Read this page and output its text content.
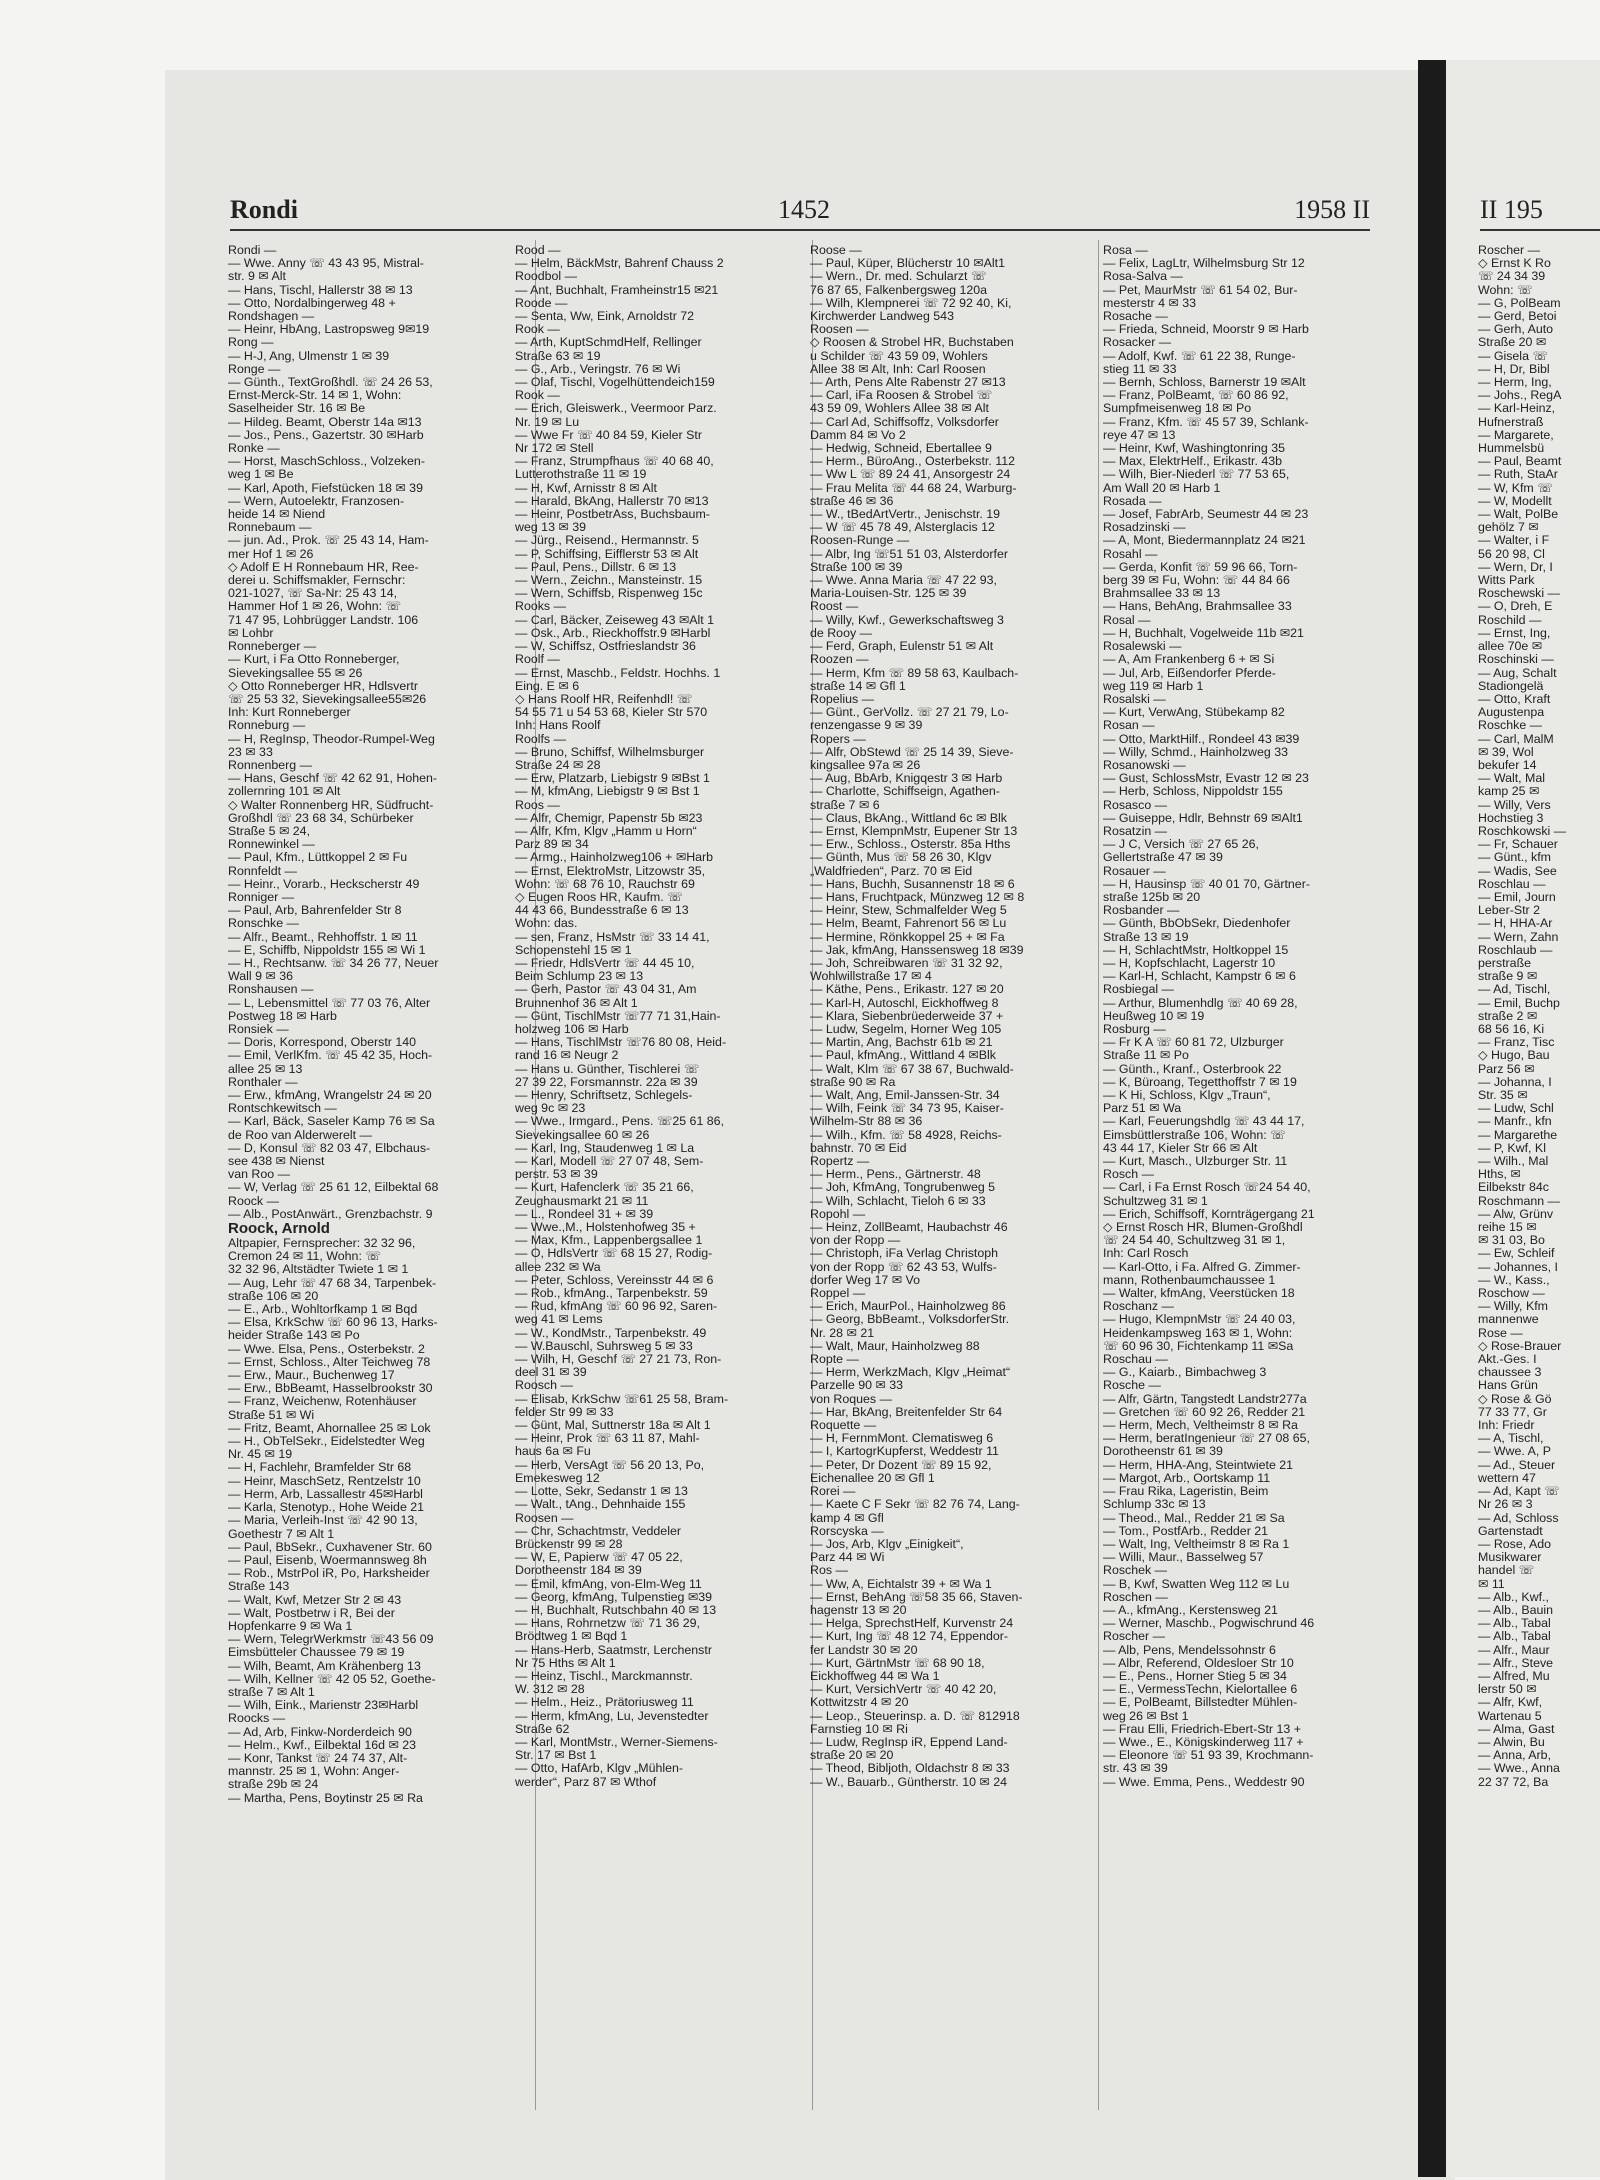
Rondi	1452	1958 II
Rondi —
— Wwe. Anny ☏ 43 43 95, Mistral-
str. 9 ✉ Alt
— Hans, Tischl, Hallerstr 38 ✉ 13
— Otto, Nordalbingerweg 48 +
Rondshagen —
— Heinr, HbAng, Lastropsweg 9✉19
Rong —
— H-J, Ang, Ulmenstr 1 ✉ 39
Ronge —
— Günth., TextGroßhdl. ☏ 24 26 53,
Ernst-Merck-Str. 14 ✉ 1, Wohn:
Saselheider Str. 16 ✉ Be
— Hildeg. Beamt, Oberstr 14a ✉13
— Jos., Pens., Gazertstr. 30 ✉Harb
Ronke —
— Horst, MaschSchloss., Volzeken-
weg 1 ✉ Be
— Karl, Apoth, Fiefstücken 18 ✉ 39
— Wern, Autoelektr, Franzosen-
heide 14 ✉ Niend
Ronnebaum —
— jun. Ad., Prok. ☏ 25 43 14, Ham-
mer Hof 1 ✉ 26
◇ Adolf E H Ronnebaum HR, Ree-
derei u. Schiffsmakler, Fernschr:
021-1027, ☏ Sa-Nr: 25 43 14,
Hammer Hof 1 ✉ 26, Wohn: ☏
71 47 95, Lohbrügger Landstr. 106
✉ Lohbr
Ronneberger —
— Kurt, i Fa Otto Ronneberger,
Sievekingsallee 55 ✉ 26
◇ Otto Ronneberger HR, Hdlsvertr
☏ 25 53 32, Sievekingsallee55✉26
Inh: Kurt Ronneberger
Ronneburg —
— H, RegInsp, Theodor-Rumpel-Weg
23 ✉ 33
Ronnenberg —
— Hans, Geschf ☏ 42 62 91, Hohen-
zollernring 101 ✉ Alt
◇ Walter Ronnenberg HR, Südfrucht-
Großhdl ☏ 23 68 34, Schürbeker
Straße 5 ✉ 24,
Ronnewinkel —
— Paul, Kfm., Lüttkoppel 2 ✉ Fu
Ronnfeldt —
— Heinr., Vorarb., Heckscherstr 49
Ronniger —
— Paul, Arb, Bahrenfelder Str 8
Ronschke —
— Alfr., Beamt., Rehhoffstr. 1 ✉ 11
— E, Schiffb, Nippoldstr 155 ✉ Wi 1
— H., Rechtsanw. ☏ 34 26 77, Neuer
Wall 9 ✉ 36
Ronshausen —
— L, Lebensmittel ☏ 77 03 76, Alter
Postweg 18 ✉ Harb
Ronsiek —
— Doris, Korrespond, Oberstr 140
— Emil, VerlKfm. ☏ 45 42 35, Hoch-
allee 25 ✉ 13
Ronthaler —
— Erw., kfmAng, Wrangelstr 24 ✉ 20
Rontschkewitsch —
— Karl, Bäck, Saseler Kamp 76 ✉ Sa
de Roo van Alderwerelt —
— D, Konsul ☏ 82 03 47, Elbchaus-
see 438 ✉ Nienst
van Roo —
— W, Verlag ☏ 25 61 12, Eilbektal 68
Roock —
— Alb., PostAnwärt., Grenzbachstr. 9
Roock, Arnold
Altpapier, Fernsprecher: 32 32 96,
Cremon 24 ✉ 11, Wohn: ☏
32 32 96, Altstädter Twiete 1 ✉ 1
— Aug, Lehr ☏ 47 68 34, Tarpenbek-
straße 106 ✉ 20
— E., Arb., Wohltorfkamp 1 ✉ Bqd
— Elsa, KrkSchw ☏ 60 96 13, Harks-
heider Straße 143 ✉ Po
— Wwe. Elsa, Pens., Osterbekstr. 2
— Ernst, Schloss., Alter Teichweg 78
— Erw., Maur., Buchenweg 17
— Erw., BbBeamt, Hasselbrookstr 30
— Franz, Weichenw, Rotenhäuser
Straße 51 ✉ Wi
— Fritz, Beamt, Ahornallee 25 ✉ Lok
— H., ObTelSekr., Eidelstedter Weg
Nr. 45 ✉ 19
— H, Fachlehr, Bramfelder Str 68
— Heinr, MaschSetz, Rentzelstr 10
— Herm, Arb, Lassallestr 45✉Harbl
— Karla, Stenotyp., Hohe Weide 21
— Maria, Verleih-Inst ☏ 42 90 13,
Goethestr 7 ✉ Alt 1
— Paul, BbSekr., Cuxhavener Str. 60
— Paul, Eisenb, Woermannsweg 8h
— Rob., MstrPol iR, Po, Harksheider
Straße 143
— Walt, Kwf, Metzer Str 2 ✉ 43
— Walt, Postbetrw i R, Bei der
Hopfenkarre 9 ✉ Wa 1
— Wern, TelegrWerkmstr ☏43 56 09
Eimsbütteler Chaussee 79 ✉ 19
— Wilh, Beamt, Am Krähenberg 13
— Wilh, Kellner ☏ 42 05 52, Goethe-
straße 7 ✉ Alt 1
— Wilh, Eink., Marienstr 23✉Harbl
Roocks —
— Ad, Arb, Finkw-Norderdeich 90
— Helm., Kwf., Eilbektal 16d ✉ 23
— Konr, Tankst ☏ 24 74 37, Alt-
mannstr. 25 ✉ 1, Wohn: Anger-
straße 29b ✉ 24
— Martha, Pens, Boytinstr 25 ✉ Ra
Rood —
— Helm, BäckMstr, Bahrenf Chauss 2
Roodbol —
— Ant, Buchhalt, Framheinstr15 ✉21
Roode —
— Senta, Ww, Eink, Arnoldstr 72
Rook —
— Arth, KuptSchmdHelf, Rellinger
Straße 63 ✉ 19
— G., Arb., Veringstr. 76 ✉ Wi
— Olaf, Tischl, Vogelhüttendeich159
Rook —
— Erich, Gleiswerk., Veermoor Parz.
Nr. 19 ✉ Lu
— Wwe Fr ☏ 40 84 59, Kieler Str
Nr 172 ✉ Stell
— Franz, Strumpfhaus ☏ 40 68 40,
Lutterothstraße 11 ✉ 19
— H, Kwf, Arnisstr 8 ✉ Alt
— Harald, BkAng, Hallerstr 70 ✉13
— Heinr, PostbetrAss, Buchsbaum-
weg 13 ✉ 39
— Jürg., Reisend., Hermannstr. 5
— P, Schiffsing, Eifflerstr 53 ✉ Alt
— Paul, Pens., Dillstr. 6 ✉ 13
— Wern., Zeichn., Mansteinstr. 15
— Wern, Schiffsb, Rispenweg 15c
Rooks —
— Carl, Bäcker, Zeiseweg 43 ✉Alt 1
— Osk., Arb., Rieckhoffstr.9 ✉Harbl
— W, Schiffsz, Ostfrieslandstr 36
Roolf —
— Ernst, Maschb., Feldstr. Hochhs. 1
Eing. E ✉ 6
◇ Hans Roolf HR, Reifenhdl! ☏
54 55 71 u 54 53 68, Kieler Str 570
Inh: Hans Roolf
Roolfs —
— Bruno, Schiffsf, Wilhelmsburger
Straße 24 ✉ 28
— Erw, Platzarb, Liebigstr 9 ✉Bst 1
— M, kfmAng, Liebigstr 9 ✉ Bst 1
Roos —
— Alfr, Chemigr, Papenstr 5b ✉23
— Alfr, Kfm, Klgv „Hamm u Horn“
Parz 89 ✉ 34
— Armg., Hainholzweg106 + ✉Harb
— Ernst, ElektroMstr, Litzowstr 35,
Wohn: ☏ 68 76 10, Rauchstr 69
◇ Eugen Roos HR, Kaufm. ☏
44 43 66, Bundesstraße 6 ✉ 13
Wohn: das.
— sen, Franz, HsMstr ☏ 33 14 41,
Schopenstehl 15 ✉ 1
— Friedr, HdlsVertr ☏ 44 45 10,
Beim Schlump 23 ✉ 13
— Gerh, Pastor ☏ 43 04 31, Am
Brunnenhof 36 ✉ Alt 1
— Günt, TischlMstr ☏77 71 31,Hain-
holzweg 106 ✉ Harb
— Hans, TischlMstr ☏76 80 08, Heid-
rand 16 ✉ Neugr 2
— Hans u. Günther, Tischlerei ☏
27 39 22, Forsmannstr. 22a ✉ 39
— Henry, Schriftsetz, Schlegels-
weg 9c ✉ 23
— Wwe., Irmgard., Pens. ☏25 61 86,
Sievekingsallee 60 ✉ 26
— Karl, Ing, Staudenweg 1 ✉ La
— Karl, Modell ☏ 27 07 48, Sem-
perstr. 53 ✉ 39
— Kurt, Hafenclerk ☏ 35 21 66,
Zeughausmarkt 21 ✉ 11
— L., Rondeel 31 + ✉ 39
— Wwe.,M., Holstenhofweg 35 +
— Max, Kfm., Lappenbergsallee 1
— O, HdlsVertr ☏ 68 15 27, Rodig-
allee 232 ✉ Wa
— Peter, Schloss, Vereinsstr 44 ✉ 6
— Rob., kfmAng., Tarpenbekstr. 59
— Rud, kfmAng ☏ 60 96 92, Saren-
weg 41 ✉ Lems
— W., KondMstr., Tarpenbekstr. 49
— W.Bauschl, Suhrsweg 5 ✉ 33
— Wilh, H, Geschf ☏ 27 21 73, Ron-
deel 31 ✉ 39
Roosch —
— Elisab, KrkSchw ☏61 25 58, Bram-
felder Str 99 ✉ 33
— Günt, Mal, Suttnerstr 18a ✉ Alt 1
— Heinr, Prok ☏ 63 11 87, Mahl-
haus 6a ✉ Fu
— Herb, VersAgt ☏ 56 20 13, Po,
Emekesweg 12
— Lotte, Sekr, Sedanstr 1 ✉ 13
— Walt., tAng., Dehnhaide 155
Roosen —
— Chr, Schachtmstr, Veddeler
Brückenstr 99 ✉ 28
— W, E, Papierw ☏ 47 05 22,
Dorotheenstr 184 ✉ 39
— Emil, kfmAng, von-Elm-Weg 11
— Georg, kfmAng, Tulpenstieg ✉39
— H, Buchhalt, Rutschbahn 40 ✉ 13
— Hans, Rohrnetzw ☏ 71 36 29,
Brödtweg 1 ✉ Bqd 1
— Hans-Herb, Saatmstr, Lerchenstr
Nr 75 Hths ✉ Alt 1
— Heinz, Tischl., Marckmannstr.
W. 312 ✉ 28
— Helm., Heiz., Prätoriusweg 11
— Herm, kfmAng, Lu, Jevenstedter
Straße 62
— Karl, MontMstr., Werner-Siemens-
Str. 17 ✉ Bst 1
— Otto, HafArb, Klgv „Mühlen-
werder“, Parz 87 ✉ Wthof
Roose —
— Paul, Küper, Blücherstr 10 ✉Alt1
— Wern., Dr. med. Schularzt ☏
76 87 65, Falkenbergsweg 120a
— Wilh, Klempnerei ☏ 72 92 40, Ki,
Kirchwerder Landweg 543
Roosen —
◇ Roosen & Strobel HR, Buchstaben
u Schilder ☏ 43 59 09, Wohlers
Allee 38 ✉ Alt, Inh: Carl Roosen
— Arth, Pens Alte Rabenstr 27 ✉13
— Carl, iFa Roosen & Strobel ☏
43 59 09, Wohlers Allee 38 ✉ Alt
— Carl Ad, Schiffsoffz, Volksdorfer
Damm 84 ✉ Vo 2
— Hedwig, Schneid, Ebertallee 9
— Herm., BüroAng., Osterbekstr. 112
— Ww L ☏ 89 24 41, Ansorgestr 24
— Frau Melita ☏ 44 68 24, Warburg-
straße 46 ✉ 36
— W., tBedArtVertr., Jenischstr. 19
— W ☏ 45 78 49, Alsterglacis 12
Roosen-Runge —
— Albr, Ing ☏51 51 03, Alsterdorfer
Straße 100 ✉ 39
— Wwe. Anna Maria ☏ 47 22 93,
Maria-Louisen-Str. 125 ✉ 39
Roost —
— Willy, Kwf., Gewerkschaftsweg 3
de Rooy —
— Ferd, Graph, Eulenstr 51 ✉ Alt
Roozen —
— Herm, Kfm ☏ 89 58 63, Kaulbach-
straße 14 ✉ Gfl 1
Ropelius —
— Günt., GerVollz. ☏ 27 21 79, Lo-
renzengasse 9 ✉ 39
Ropers —
— Alfr, ObStewd ☏ 25 14 39, Sieve-
kingsallee 97a ✉ 26
— Aug, BbArb, Knigqestr 3 ✉ Harb
— Charlotte, Schiffseign, Agathen-
straße 7 ✉ 6
— Claus, BkAng., Wittland 6c ✉ Blk
— Ernst, KlempnMstr, Eupener Str 13
— Erw., Schloss., Osterstr. 85a Hths
— Günth, Mus ☏ 58 26 30, Klgv
„Waldfrieden“, Parz. 70 ✉ Eid
— Hans, Buchh, Susannenstr 18 ✉ 6
— Hans, Fruchtpack, Münzweg 12 ✉ 8
— Heinr, Stew, Schmalfelder Weg 5
— Helm, Beamt, Fahrenort 56 ✉ Lu
— Hermine, Rönkkoppel 25 + ✉ Fa
— Jak, kfmAng, Hanssensweg 18 ✉39
— Joh, Schreibwaren ☏ 31 32 92,
Wohlwillstraße 17 ✉ 4
— Käthe, Pens., Erikastr. 127 ✉ 20
— Karl-H, Autoschl, Eickhoffweg 8
— Klara, Siebenbrüederweide 37 +
— Ludw, Segelm, Horner Weg 105
— Martin, Ang, Bachstr 61b ✉ 21
— Paul, kfmAng., Wittland 4 ✉Blk
— Walt, Klm ☏ 67 38 67, Buchwald-
straße 90 ✉ Ra
— Walt, Ang, Emil-Janssen-Str. 34
— Wilh, Feink ☏ 34 73 95, Kaiser-
Wilhelm-Str 88 ✉ 36
— Wilh., Kfm. ☏ 58 4928, Reichs-
bahnstr. 70 ✉ Eid
Ropertz —
— Herm., Pens., Gärtnerstr. 48
— Joh, KfmAng, Tongrubenweg 5
— Wilh, Schlacht, Tieloh 6 ✉ 33
Ropohl —
— Heinz, ZollBeamt, Haubachstr 46
von der Ropp —
— Christoph, iFa Verlag Christoph
von der Ropp ☏ 62 43 53, Wulfs-
dorfer Weg 17 ✉ Vo
Roppel —
— Erich, MaurPol., Hainholzweg 86
— Georg, BbBeamt., VolksdorferStr.
Nr. 28 ✉ 21
— Walt, Maur, Hainholzweg 88
Ropte —
— Herm, WerkzMach, Klgv „Heimat“
Parzelle 90 ✉ 33
von Roques —
— Har, BkAng, Breitenfelder Str 64
Roquette —
— H, FernmMont. Clematisweg 6
— I, KartogrKupferst, Weddestr 11
— Peter, Dr Dozent ☏ 89 15 92,
Eichenallee 20 ✉ Gfl 1
Rorei —
— Kaete C F Sekr ☏ 82 76 74, Lang-
kamp 4 ✉ Gfl
Rorscyska —
— Jos, Arb, Klgv „Einigkeit“,
Parz 44 ✉ Wi
Ros —
— Ww, A, Eichtalstr 39 + ✉ Wa 1
— Ernst, BehAng ☏58 35 66, Staven-
hagenstr 13 ✉ 20
— Helga, SprechstHelf, Kurvenstr 24
— Kurt, Ing ☏ 48 12 74, Eppendor-
fer Landstr 30 ✉ 20
— Kurt, GärtnMstr ☏ 68 90 18,
Eickhoffweg 44 ✉ Wa 1
— Kurt, VersichVertr ☏ 40 42 20,
Kottwitzstr 4 ✉ 20
— Leop., Steuerinsp. a. D. ☏ 812918
Farnstieg 10 ✉ Ri
— Ludw, RegInsp iR, Eppend Land-
straße 20 ✉ 20
— Theod, Bibljoth, Oldachstr 8 ✉ 33
— W., Bauarb., Güntherstr. 10 ✉ 24
Rosa —
— Felix, LagLtr, Wilhelmsburg Str 12
Rosa-Salva —
— Pet, MaurMstr ☏ 61 54 02, Bur-
mesterstr 4 ✉ 33
Rosache —
— Frieda, Schneid, Moorstr 9 ✉ Harb
Rosacker —
— Adolf, Kwf. ☏ 61 22 38, Runge-
stieg 11 ✉ 33
— Bernh, Schloss, Barnerstr 19 ✉Alt
— Franz, PolBeamt, ☏ 60 86 92,
Sumpfmeisenweg 18 ✉ Po
— Franz, Kfm. ☏ 45 57 39, Schlank-
reye 47 ✉ 13
— Heinr, Kwf, Washingtonring 35
— Max, ElektrHelf., Erikastr. 43b
— Wilh, Bier-Niederl ☏ 77 53 65,
Am Wall 20 ✉ Harb 1
Rosada —
— Josef, FabrArb, Seumestr 44 ✉ 23
Rosadzinski —
— A, Mont, Biedermannplatz 24 ✉21
Rosahl —
— Gerda, Konfit ☏ 59 96 66, Torn-
berg 39 ✉ Fu, Wohn: ☏ 44 84 66
Brahmsallee 33 ✉ 13
— Hans, BehAng, Brahmsallee 33
Rosal —
— H, Buchhalt, Vogelweide 11b ✉21
Rosalewski —
— A, Am Frankenberg 6 + ✉ Si
— Jul, Arb, Eißendorfer Pferde-
weg 119 ✉ Harb 1
Rosalski —
— Kurt, VerwAng, Stübekamp 82
Rosan —
— Otto, MarktHilf., Rondeel 43 ✉39
— Willy, Schmd., Hainholzweg 33
Rosanowski —
— Gust, SchlossMstr, Evastr 12 ✉ 23
— Herb, Schloss, Nippoldstr 155
Rosasco —
— Guiseppe, Hdlr, Behnstr 69 ✉Alt1
Rosatzin —
— J C, Versich ☏ 27 65 26,
Gellertstraße 47 ✉ 39
Rosauer —
— H, Hausinsp ☏ 40 01 70, Gärtner-
straße 125b ✉ 20
Rosbander —
— Günth, BbObSekr, Diedenhofer
Straße 13 ✉ 19
— H, SchlachtMstr, Holtkoppel 15
— H, Kopfschlacht, Lagerstr 10
— Karl-H, Schlacht, Kampstr 6 ✉ 6
Rosbiegal —
— Arthur, Blumenhdlg ☏ 40 69 28,
Heußweg 10 ✉ 19
Rosburg —
— Fr K A ☏ 60 81 72, Ulzburger
Straße 11 ✉ Po
— Günth., Kranf., Osterbrook 22
— K, Büroang, Tegetthoffstr 7 ✉ 19
— K Hi, Schloss, Klgv „Traun“,
Parz 51 ✉ Wa
— Karl, Feuerungshdlg ☏ 43 44 17,
Eimsbüttlerstraße 106, Wohn: ☏
43 44 17, Kieler Str 66 ✉ Alt
— Kurt, Masch., Ulzburger Str. 11
Rosch —
— Carl, i Fa Ernst Rosch ☏24 54 40,
Schultzweg 31 ✉ 1
— Erich, Schiffsoff, Kornträgergang 21
◇ Ernst Rosch HR, Blumen-Großhdl
☏ 24 54 40, Schultzweg 31 ✉ 1,
Inh: Carl Rosch
— Karl-Otto, i Fa. Alfred G. Zimmer-
mann, Rothenbaumchaussee 1
— Walter, kfmAng, Veerstücken 18
Roschanz —
— Hugo, KlempnMstr ☏ 24 40 03,
Heidenkampsweg 163 ✉ 1, Wohn:
☏ 60 96 30, Fichtenkamp 11 ✉Sa
Roschau —
— G., Kaiarb., Bimbachweg 3
Rosche —
— Alfr, Gärtn, Tangstedt Landstr277a
— Gretchen ☏ 60 92 26, Redder 21
— Herm, Mech, Veltheimstr 8 ✉ Ra
— Herm, beratIngenieur ☏ 27 08 65,
Dorotheenstr 61 ✉ 39
— Herm, HHA-Ang, Steintwiete 21
— Margot, Arb., Oortskamp 11
— Frau Rika, Lageristin, Beim
Schlump 33c ✉ 13
— Theod., Mal., Redder 21 ✉ Sa
— Tom., PostfArb., Redder 21
— Walt, Ing, Veltheimstr 8 ✉ Ra 1
— Willi, Maur., Basselweg 57
Roschek —
— B, Kwf, Swatten Weg 112 ✉ Lu
Roschen —
— A., kfmAng., Kerstensweg 21
— Werner, Maschb., Pogwischrund 46
Roscher —
— Alb, Pens, Mendelssohnstr 6
— Albr, Referend, Oldesloer Str 10
— E., Pens., Horner Stieg 5 ✉ 34
— E., VermessTechn, Kielortallee 6
— E, PolBeamt, Billstedter Mühlen-
weg 26 ✉ Bst 1
— Frau Elli, Friedrich-Ebert-Str 13 +
— Wwe., E., Königskinderweg 117 +
— Eleonore ☏ 51 93 39, Krochmann-
str. 43 ✉ 39
— Wwe. Emma, Pens., Weddestr 90
II 195
Roscher —
◇ Ernst K Ro
☏ 24 34 39
Wohn: ☏
— G, PolBeam
— Gerd, Betoi
— Gerh, Auto
Straße 20 ✉
— Gisela ☏
— H, Dr, Bibl
— Herm, Ing,
— Johs., RegA
— Karl-Heinz,
Hufnerstraß
— Margarete,
Hummelsbü
— Paul, Beamt
— Ruth, StaAr
— W, Kfm ☏
— W, Modellt
— Walt, PolBe
gehölz 7 ✉
— Walter, i F
56 20 98, Cl
— Wern, Dr, I
Witts Park
Roschewski —
— O, Dreh, E
Roschild —
— Ernst, Ing,
allee 70e ✉
Roschinski —
— Aug, Schalt
Stadiongelä
— Otto, Kraft
Augustenpa
Roschke —
— Carl, MalM
✉ 39, Wol
bekufer 14
— Walt, Mal
kamp 25 ✉
— Willy, Vers
Hochstieg 3
Roschkowski —
— Fr, Schauer
— Günt., kfm
— Wadis, See
Roschlau —
— Emil, Journ
Leber-Str 2
— H, HHA-Ar
— Wern, Zahn
Roschlaub —
perstraße
straße 9 ✉
— Ad, Tischl,
— Emil, Buchp
straße 2 ✉
68 56 16, Ki
— Franz, Tisc
◇ Hugo, Bau
Parz 56 ✉
— Johanna, I
Str. 35 ✉
— Ludw, Schl
— Manfr., kfn
— Margarethe
— P, Kwf, Kl
— Wilh., Mal
Hths, ✉
Eilbekstr 84c
Roschmann —
— Alw, Grünv
reihe 15 ✉
✉ 31 03, Bo
— Ew, Schleif
— Johannes, I
— W., Kass.,
Roschow —
— Willy, Kfm
mannenwe
Rose —
◇ Rose-Brauer
Akt.-Ges. I
chaussee 3
Hans Grün
◇ Rose & Gö
77 33 77, Gr
Inh: Friedr
— A, Tischl,
— Wwe. A, P
— Ad., Steuer
wettern 47
— Ad, Kapt ☏
Nr 26 ✉ 3
— Ad, Schloss
Gartenstadt
— Rose, Ado
Musikwarer
handel ☏
✉ 11
— Alb., Kwf.,
— Alb., Bauin
— Alb., Tabal
— Alb., Tabal
— Alfr., Maur
— Alfr., Steve
— Alfred, Mu
lerstr 50 ✉
— Alfr, Kwf,
Wartenau 5
— Alma, Gast
— Alwin, Bu
— Anna, Arb,
— Wwe., Anna
22 37 72, Ba
